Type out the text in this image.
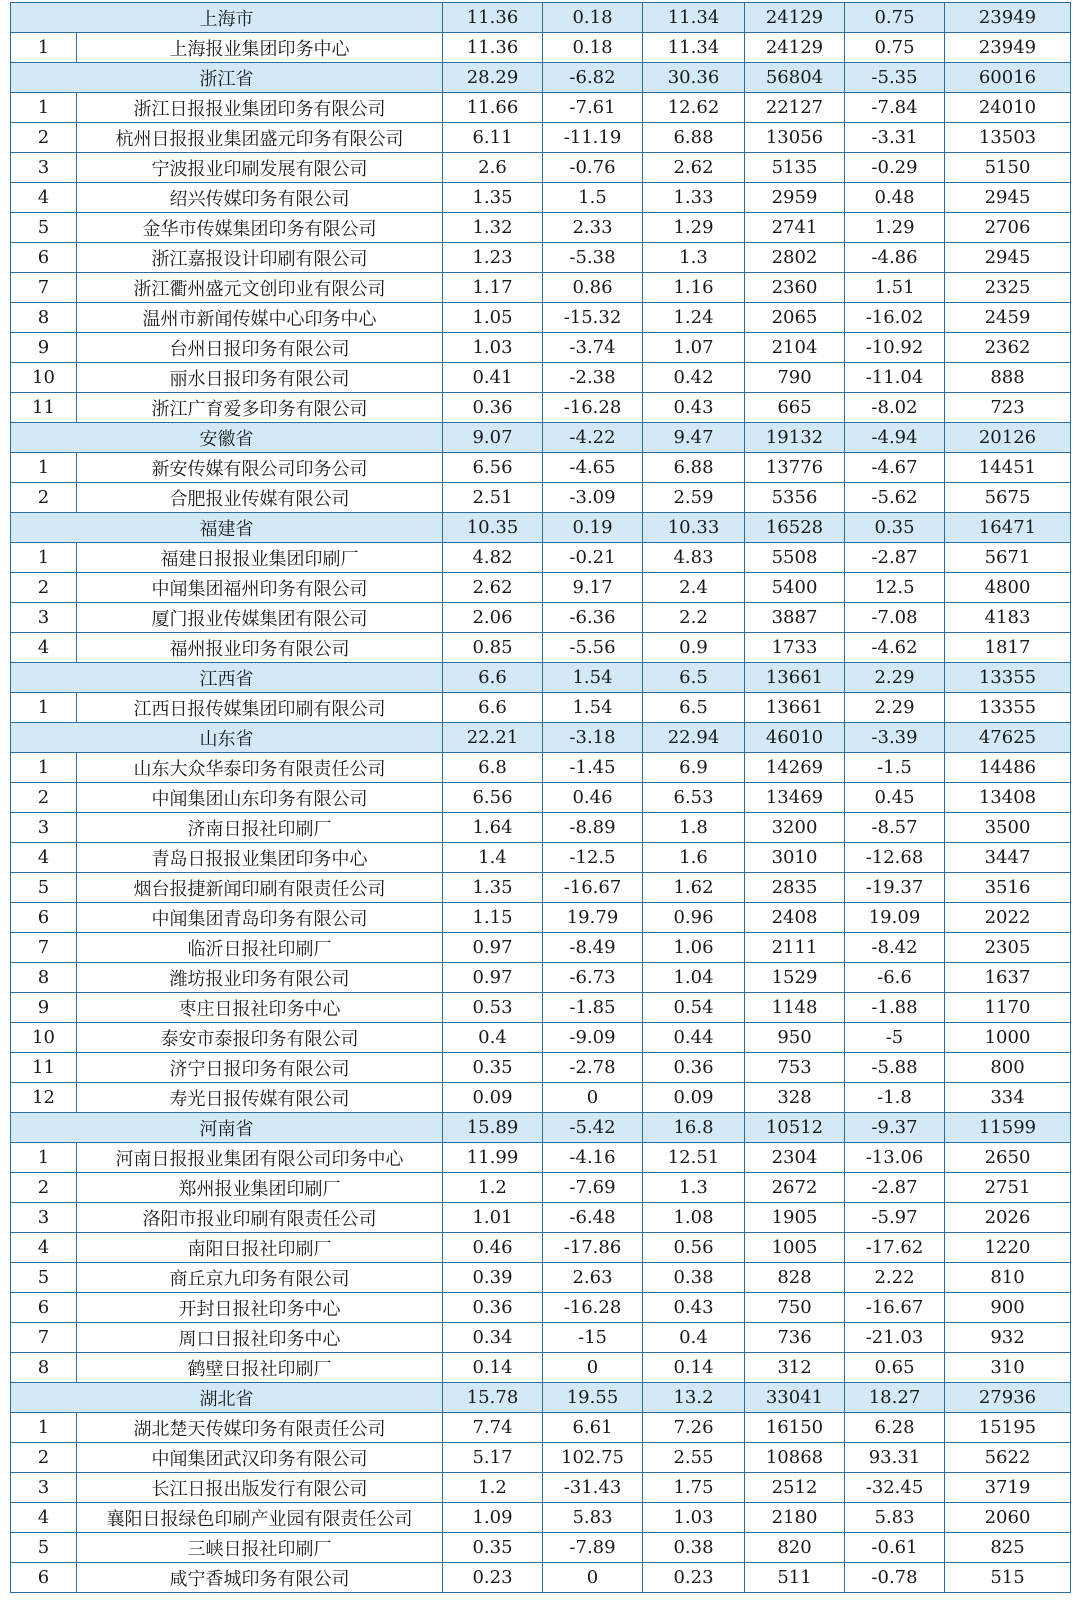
上海市		11.36	0.18	11.34	24129	0.75	23949
1	上海报业集团印务中心	11.36	0.18	11.34	24129	0.75	23949
浙江省		28.29	-6.82	30.36	56804	-5.35	60016
1	浙江日报报业集团印务有限公司	11.66	-7.61	12.62	22127	-7.84	24010
2	杭州日报报业集团盛元印务有限公司	6.11	-11.19	6.88	13056	-3.31	13503
3	宁波报业印刷发展有限公司	2.6	-0.76	2.62	5135	-0.29	5150
4	绍兴传媒印务有限公司	1.35	1.5	1.33	2959	0.48	2945
5	金华市传媒集团印务有限公司	1.32	2.33	1.29	2741	1.29	2706
6	浙江嘉报设计印刷有限公司	1.23	-5.38	1.3	2802	-4.86	2945
7	浙江衢州盛元文创印业有限公司	1.17	0.86	1.16	2360	1.51	2325
8	温州市新闻传媒中心印务中心	1.05	-15.32	1.24	2065	-16.02	2459
9	台州日报印务有限公司	1.03	-3.74	1.07	2104	-10.92	2362
10	丽水日报印务有限公司	0.41	-2.38	0.42	790	-11.04	888
11	浙江广育爱多印务有限公司	0.36	-16.28	0.43	665	-8.02	723
安徽省		9.07	-4.22	9.47	19132	-4.94	20126
1	新安传媒有限公司印务公司	6.56	-4.65	6.88	13776	-4.67	14451
2	合肥报业传媒有限公司	2.51	-3.09	2.59	5356	-5.62	5675
福建省		10.35	0.19	10.33	16528	0.35	16471
1	福建日报报业集团印刷厂	4.82	-0.21	4.83	5508	-2.87	5671
2	中闻集团福州印务有限公司	2.62	9.17	2.4	5400	12.5	4800
3	厦门报业传媒集团有限公司	2.06	-6.36	2.2	3887	-7.08	4183
4	福州报业印务有限公司	0.85	-5.56	0.9	1733	-4.62	1817
江西省		6.6	1.54	6.5	13661	2.29	13355
1	江西日报传媒集团印刷有限公司	6.6	1.54	6.5	13661	2.29	13355
山东省		22.21	-3.18	22.94	46010	-3.39	47625
1	山东大众华泰印务有限责任公司	6.8	-1.45	6.9	14269	-1.5	14486
2	中闻集团山东印务有限公司	6.56	0.46	6.53	13469	0.45	13408
3	济南日报社印刷厂	1.64	-8.89	1.8	3200	-8.57	3500
4	青岛日报报业集团印务中心	1.4	-12.5	1.6	3010	-12.68	3447
5	烟台报捷新闻印刷有限责任公司	1.35	-16.67	1.62	2835	-19.37	3516
6	中闻集团青岛印务有限公司	1.15	19.79	0.96	2408	19.09	2022
7	临沂日报社印刷厂	0.97	-8.49	1.06	2111	-8.42	2305
8	潍坊报业印务有限公司	0.97	-6.73	1.04	1529	-6.6	1637
9	枣庄日报社印务中心	0.53	-1.85	0.54	1148	-1.88	1170
10	泰安市泰报印务有限公司	0.4	-9.09	0.44	950	-5	1000
11	济宁日报印务有限公司	0.35	-2.78	0.36	753	-5.88	800
12	寿光日报传媒有限公司	0.09	0	0.09	328	-1.8	334
河南省		15.89	-5.42	16.8	10512	-9.37	11599
1	河南日报报业集团有限公司印务中心	11.99	-4.16	12.51	2304	-13.06	2650
2	郑州报业集团印刷厂	1.2	-7.69	1.3	2672	-2.87	2751
3	洛阳市报业印刷有限责任公司	1.01	-6.48	1.08	1905	-5.97	2026
4	南阳日报社印刷厂	0.46	-17.86	0.56	1005	-17.62	1220
5	商丘京九印务有限公司	0.39	2.63	0.38	828	2.22	810
6	开封日报社印务中心	0.36	-16.28	0.43	750	-16.67	900
7	周口日报社印务中心	0.34	-15	0.4	736	-21.03	932
8	鹤壁日报社印刷厂	0.14	0	0.14	312	0.65	310
湖北省		15.78	19.55	13.2	33041	18.27	27936
1	湖北楚天传媒印务有限责任公司	7.74	6.61	7.26	16150	6.28	15195
2	中闻集团武汉印务有限公司	5.17	102.75	2.55	10868	93.31	5622
3	长江日报出版发行有限公司	1.2	-31.43	1.75	2512	-32.45	3719
4	襄阳日报绿色印刷产业园有限责任公司	1.09	5.83	1.03	2180	5.83	2060
5	三峡日报社印刷厂	0.35	-7.89	0.38	820	-0.61	825
6	咸宁香城印务有限公司	0.23	0	0.23	511	-0.78	515
